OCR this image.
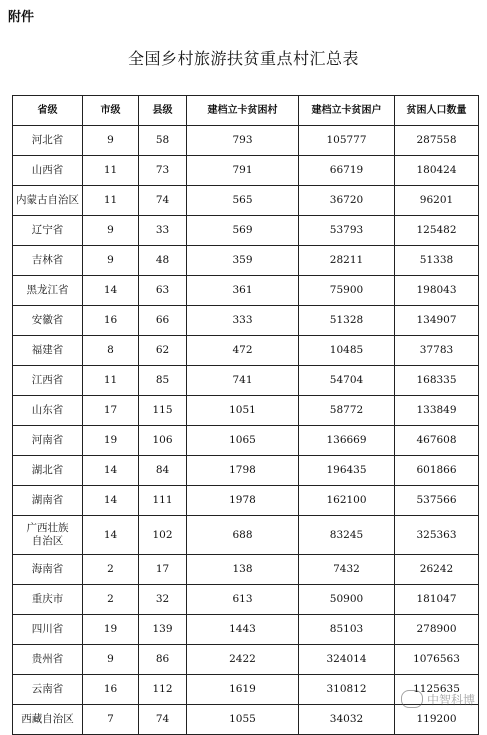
附件
全国乡村旅游扶贫重点村汇总表
省级	市级	县级	建档立卡贫困村	建档立卡贫困户	贫困人口数量
河北省	9	58	793	105777	287558
山西省	11	73	791	66719	180424
内蒙古自治区	11	74	565	36720	96201
辽宁省	9	33	569	53793	125482
吉林省	9	48	359	28211	51338
黑龙江省	14	63	361	75900	198043
安徽省	16	66	333	51328	134907
福建省	8	62	472	10485	37783
江西省	11	85	741	54704	168335
山东省	17	115	1051	58772	133849
河南省	19	106	1065	136669	467608
湖北省	14	84	1798	196435	601866
湖南省	14	111	1978	162100	537566
广西壮族
自治区	14	102	688	83245	325363
海南省	2	17	138	7432	26242
重庆市	2	32	613	50900	181047
四川省	19	139	1443	85103	278900
贵州省	9	86	2422	324014	1076563
云南省	16	112	1619	310812	1125635
西藏自治区	7	74	1055	34032	119200
中智科博
